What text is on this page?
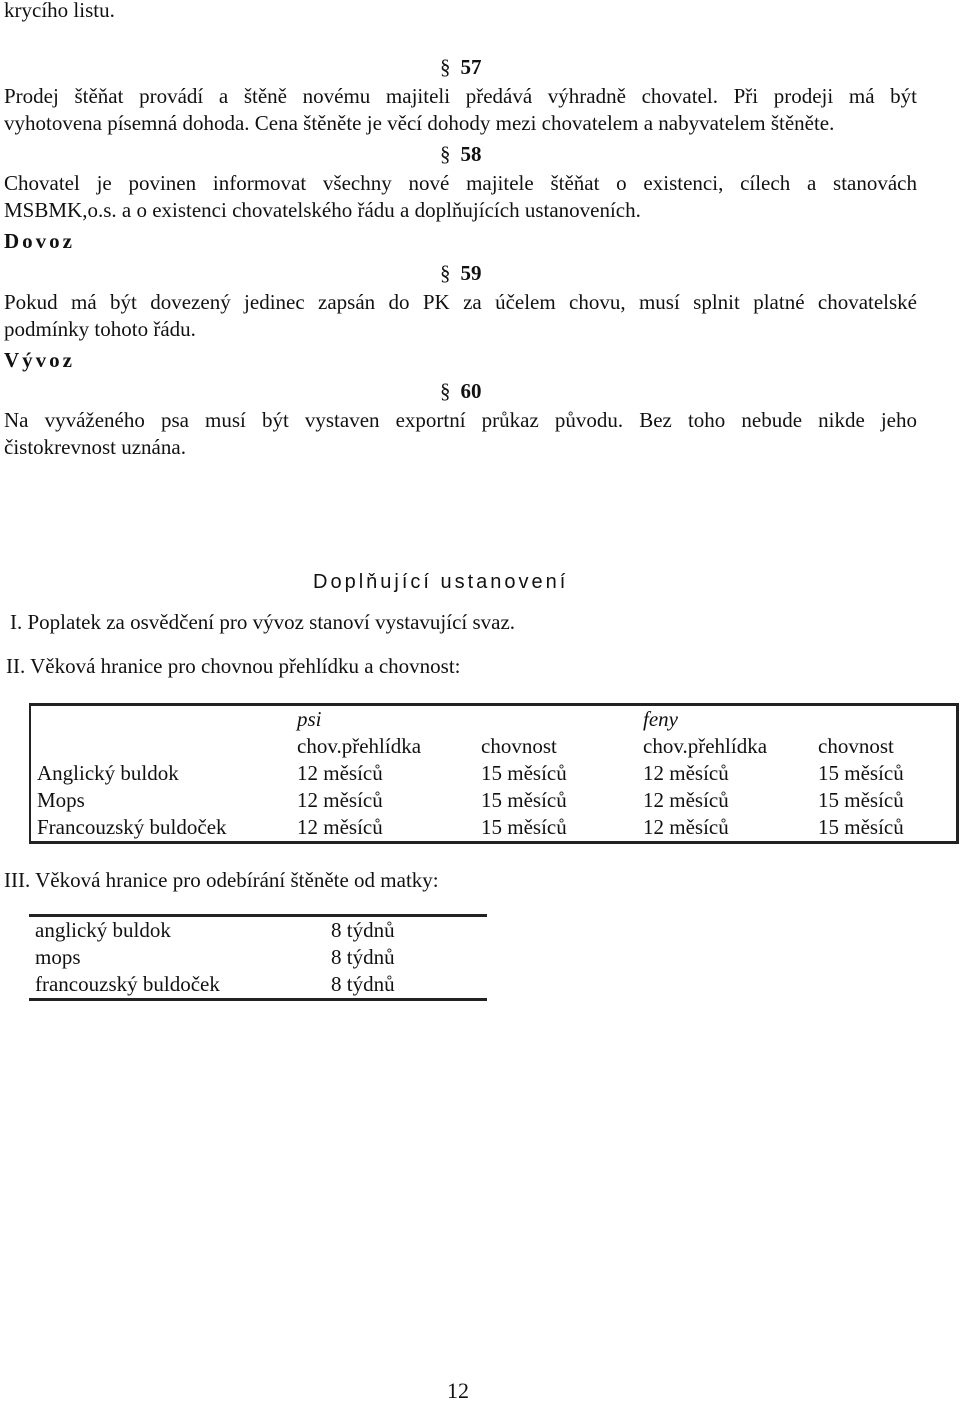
krycího listu.
§ 57
Prodej štěňat provádí a štěně novému majiteli předává výhradně chovatel. Při prodeji má být
vyhotovena písemná dohoda. Cena štěněte je věcí dohody mezi chovatelem a nabyvatelem štěněte.
§ 58
Chovatel je povinen informovat všechny nové majitele štěňat o existenci, cílech a stanovách
MSBMK,o.s. a o existenci chovatelského řádu a doplňujících ustanoveních.
Dovoz
§ 59
Pokud má být dovezený jedinec zapsán do PK za účelem chovu, musí splnit platné chovatelské
podmínky tohoto řádu.
Vývoz
§ 60
Na vyváženého psa musí být vystaven exportní průkaz původu. Bez toho nebude nikde jeho
čistokrevnost uznána.
Doplňující ustanovení
I. Poplatek za osvědčení pro vývoz stanoví vystavující svaz.
II. Věková hranice pro chovnou přehlídku a chovnost:
	psi		feny	
	chov.přehlídka	chovnost	chov.přehlídka	chovnost
Anglický buldok	12 měsíců	15 měsíců	12 měsíců	15 měsíců
Mops	12 měsíců	15 měsíců	12 měsíců	15 měsíců
Francouzský buldoček	12 měsíců	15 měsíců	12 měsíců	15 měsíců
III. Věková hranice pro odebírání štěněte od matky:
anglický buldok	8 týdnů
mops	8 týdnů
francouzský buldoček	8 týdnů
12
